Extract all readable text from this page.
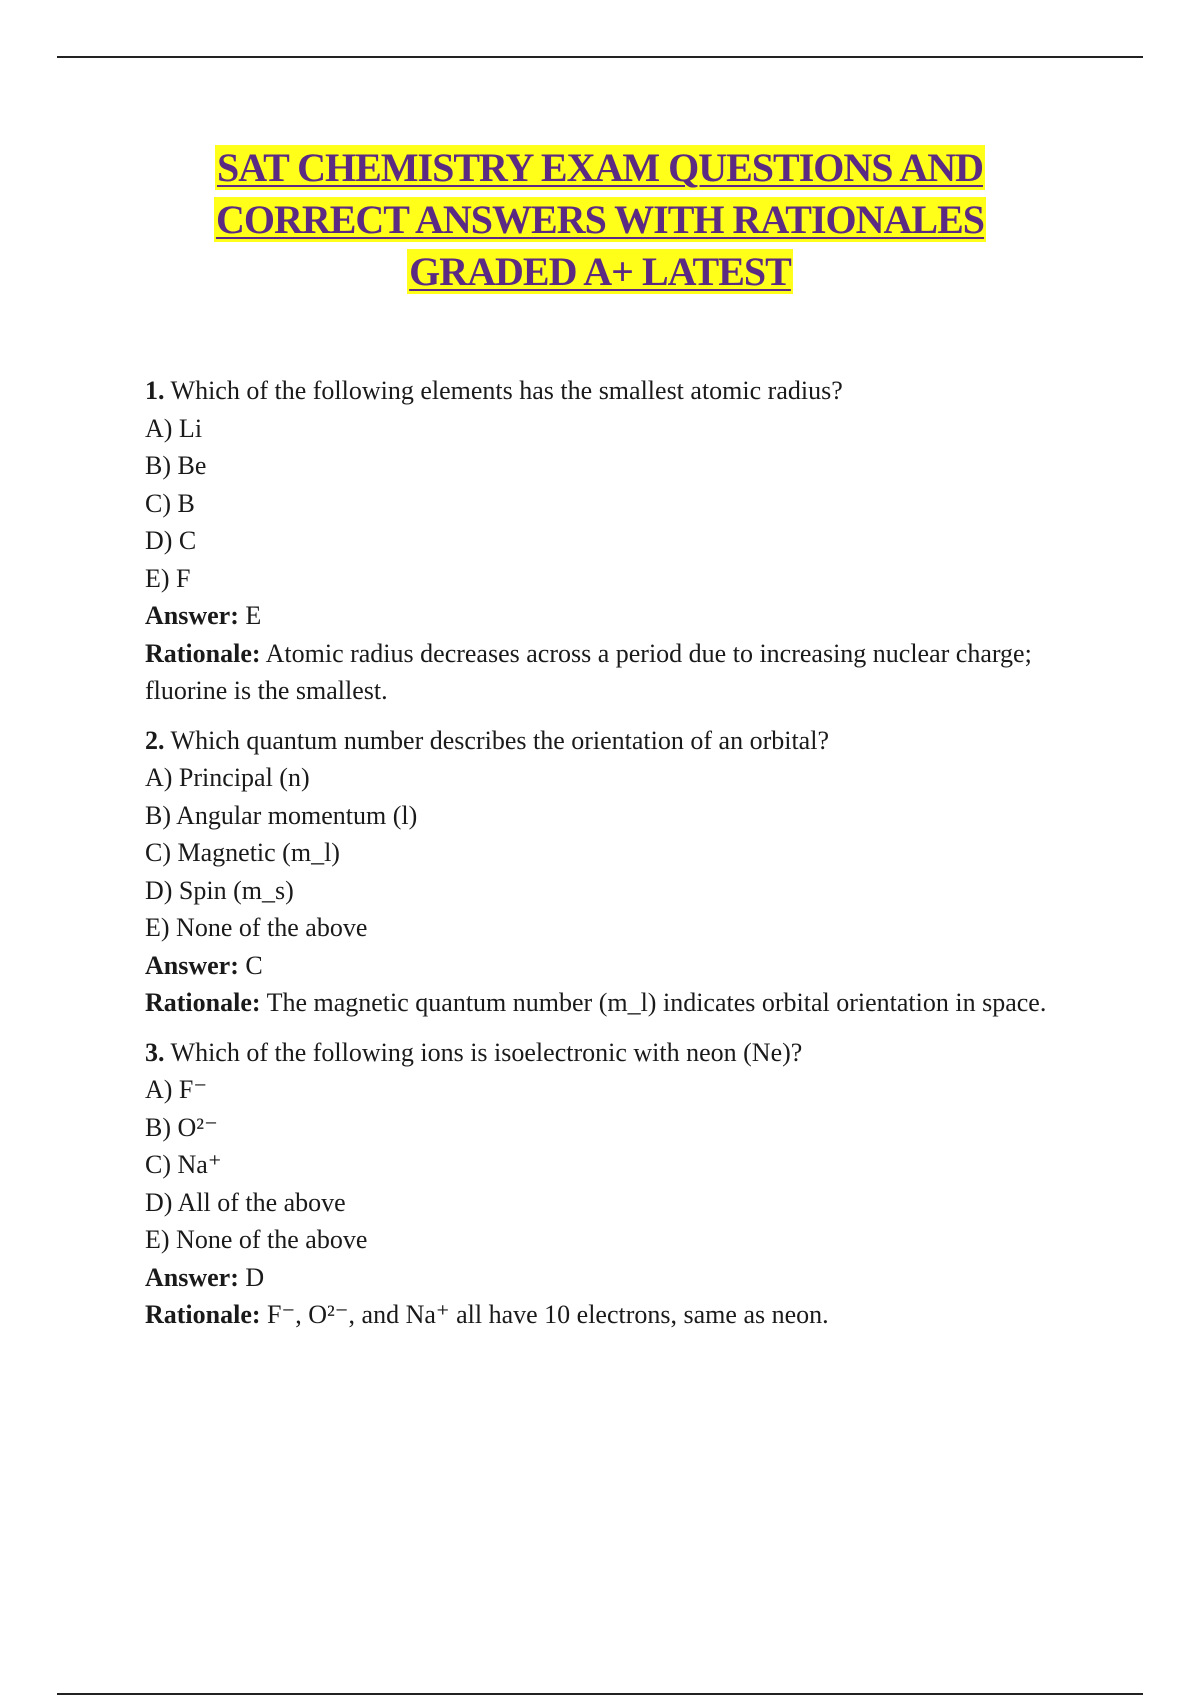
SAT CHEMISTRY EXAM QUESTIONS AND
CORRECT ANSWERS WITH RATIONALES
GRADED A+ LATEST
1. Which of the following elements has the smallest atomic radius?
A) Li
B) Be
C) B
D) C
E) F
Answer: E
Rationale: Atomic radius decreases across a period due to increasing nuclear charge; fluorine is the smallest.
2. Which quantum number describes the orientation of an orbital?
A) Principal (n)
B) Angular momentum (l)
C) Magnetic (m_l)
D) Spin (m_s)
E) None of the above
Answer: C
Rationale: The magnetic quantum number (m_l) indicates orbital orientation in space.
3. Which of the following ions is isoelectronic with neon (Ne)?
A) F⁻
B) O²⁻
C) Na⁺
D) All of the above
E) None of the above
Answer: D
Rationale: F⁻, O²⁻, and Na⁺ all have 10 electrons, same as neon.
